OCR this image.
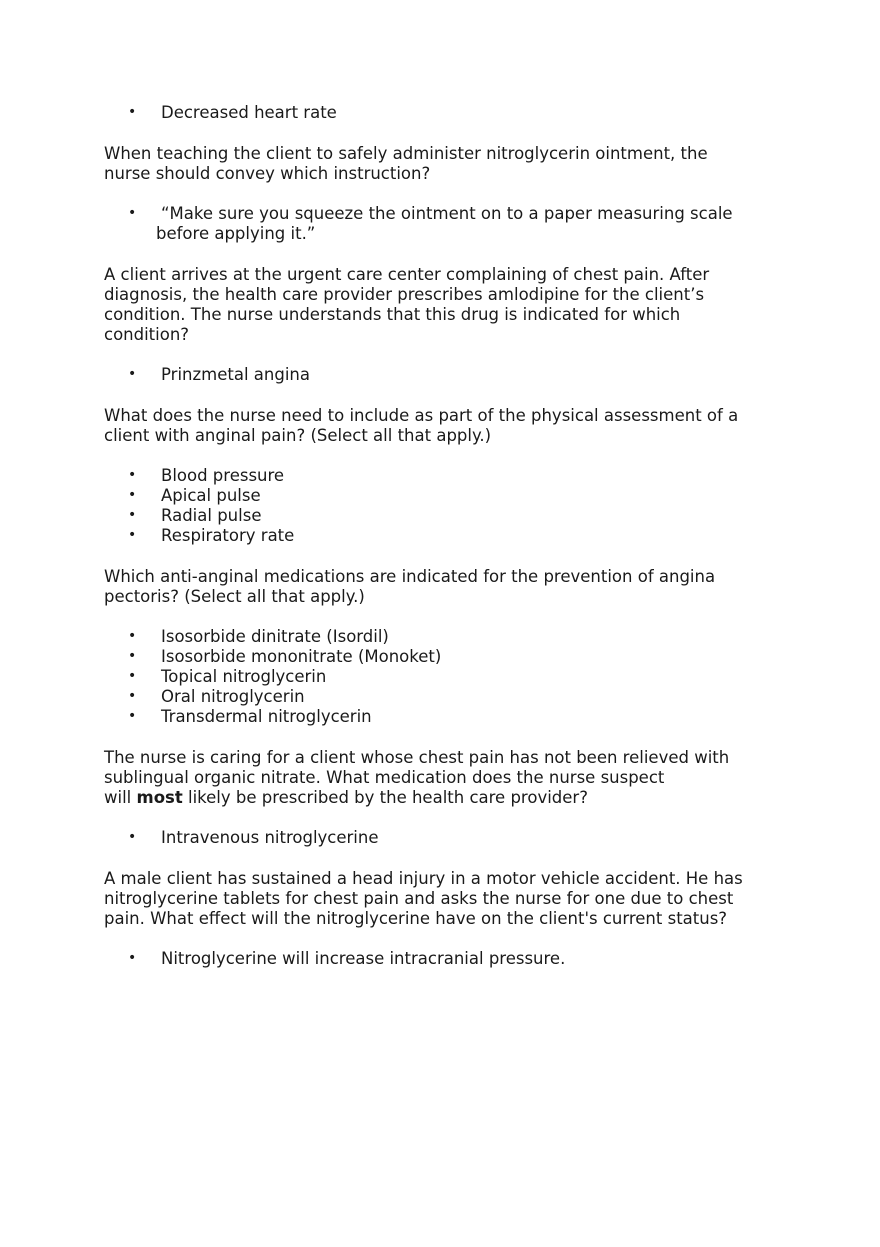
• Decreased heart rate
When teaching the client to safely administer nitroglycerin ointment, the
nurse should convey which instruction?
• “Make sure you squeeze the ointment on to a paper measuring scale
before applying it.”
A client arrives at the urgent care center complaining of chest pain. After
diagnosis, the health care provider prescribes amlodipine for the client’s
condition. The nurse understands that this drug is indicated for which
condition?
• Prinzmetal angina
What does the nurse need to include as part of the physical assessment of a
client with anginal pain? (Select all that apply.)
• Blood pressure
• Apical pulse
• Radial pulse
• Respiratory rate
Which anti-anginal medications are indicated for the prevention of angina
pectoris? (Select all that apply.)
• Isosorbide dinitrate (Isordil)
• Isosorbide mononitrate (Monoket)
• Topical nitroglycerin
• Oral nitroglycerin
• Transdermal nitroglycerin
The nurse is caring for a client whose chest pain has not been relieved with
sublingual organic nitrate. What medication does the nurse suspect
will most likely be prescribed by the health care provider?
• Intravenous nitroglycerine
A male client has sustained a head injury in a motor vehicle accident. He has
nitroglycerine tablets for chest pain and asks the nurse for one due to chest
pain. What effect will the nitroglycerine have on the client's current status?
• Nitroglycerine will increase intracranial pressure.
